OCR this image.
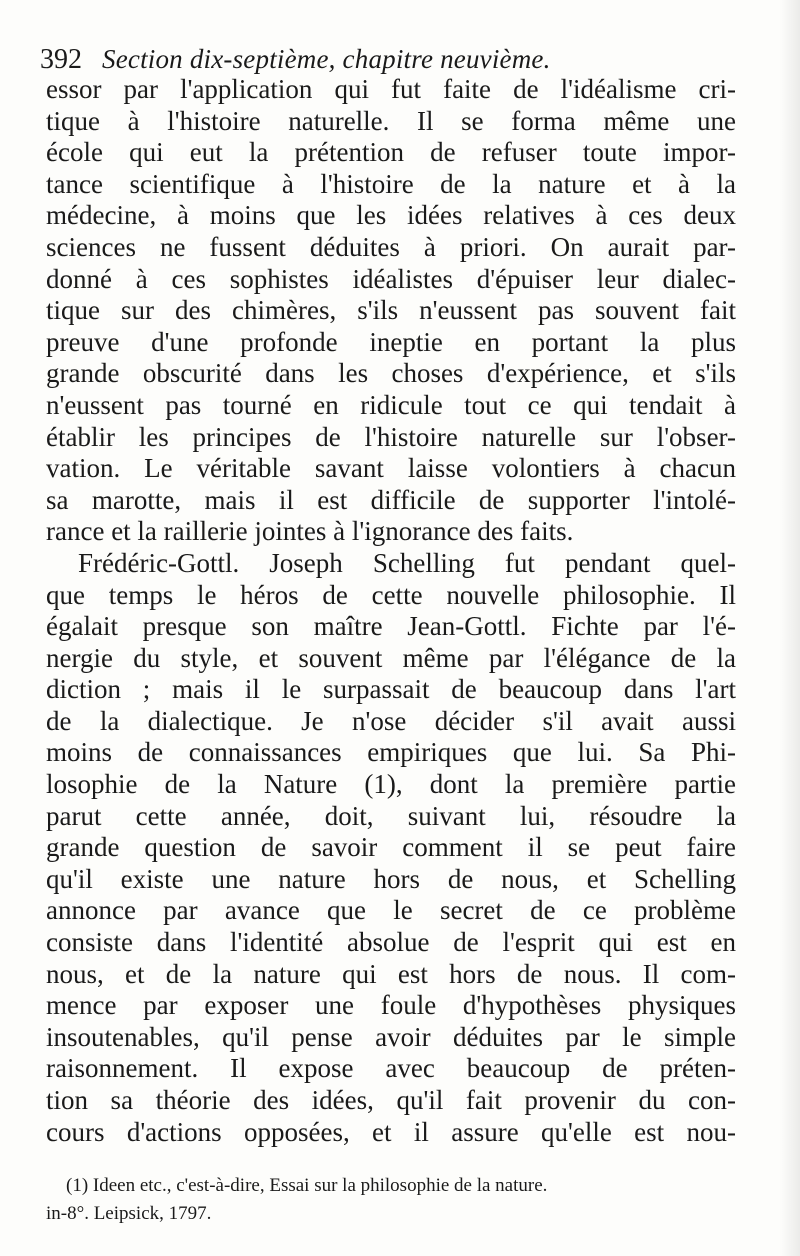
392 Section dix-septième, chapitre neuvième.
essor par l'application qui fut faite de l'idéalisme cri-
tique à l'histoire naturelle. Il se forma même une
école qui eut la prétention de refuser toute impor-
tance scientifique à l'histoire de la nature et à la
médecine, à moins que les idées relatives à ces deux
sciences ne fussent déduites à priori. On aurait par-
donné à ces sophistes idéalistes d'épuiser leur dialec-
tique sur des chimères, s'ils n'eussent pas souvent fait
preuve d'une profonde ineptie en portant la plus
grande obscurité dans les choses d'expérience, et s'ils
n'eussent pas tourné en ridicule tout ce qui tendait à
établir les principes de l'histoire naturelle sur l'obser-
vation. Le véritable savant laisse volontiers à chacun
sa marotte, mais il est difficile de supporter l'intolé-
rance et la raillerie jointes à l'ignorance des faits.
Frédéric-Gottl. Joseph Schelling fut pendant quel-
que temps le héros de cette nouvelle philosophie. Il
égalait presque son maître Jean-Gottl. Fichte par l'é-
nergie du style, et souvent même par l'élégance de la
diction ; mais il le surpassait de beaucoup dans l'art
de la dialectique. Je n'ose décider s'il avait aussi
moins de connaissances empiriques que lui. Sa Phi-
losophie de la Nature (1), dont la première partie
parut cette année, doit, suivant lui, résoudre la
grande question de savoir comment il se peut faire
qu'il existe une nature hors de nous, et Schelling
annonce par avance que le secret de ce problème
consiste dans l'identité absolue de l'esprit qui est en
nous, et de la nature qui est hors de nous. Il com-
mence par exposer une foule d'hypothèses physiques
insoutenables, qu'il pense avoir déduites par le simple
raisonnement. Il expose avec beaucoup de préten-
tion sa théorie des idées, qu'il fait provenir du con-
cours d'actions opposées, et il assure qu'elle est nou-
(1) Ideen etc., c'est-à-dire, Essai sur la philosophie de la nature.
in-8°. Leipsick, 1797.
